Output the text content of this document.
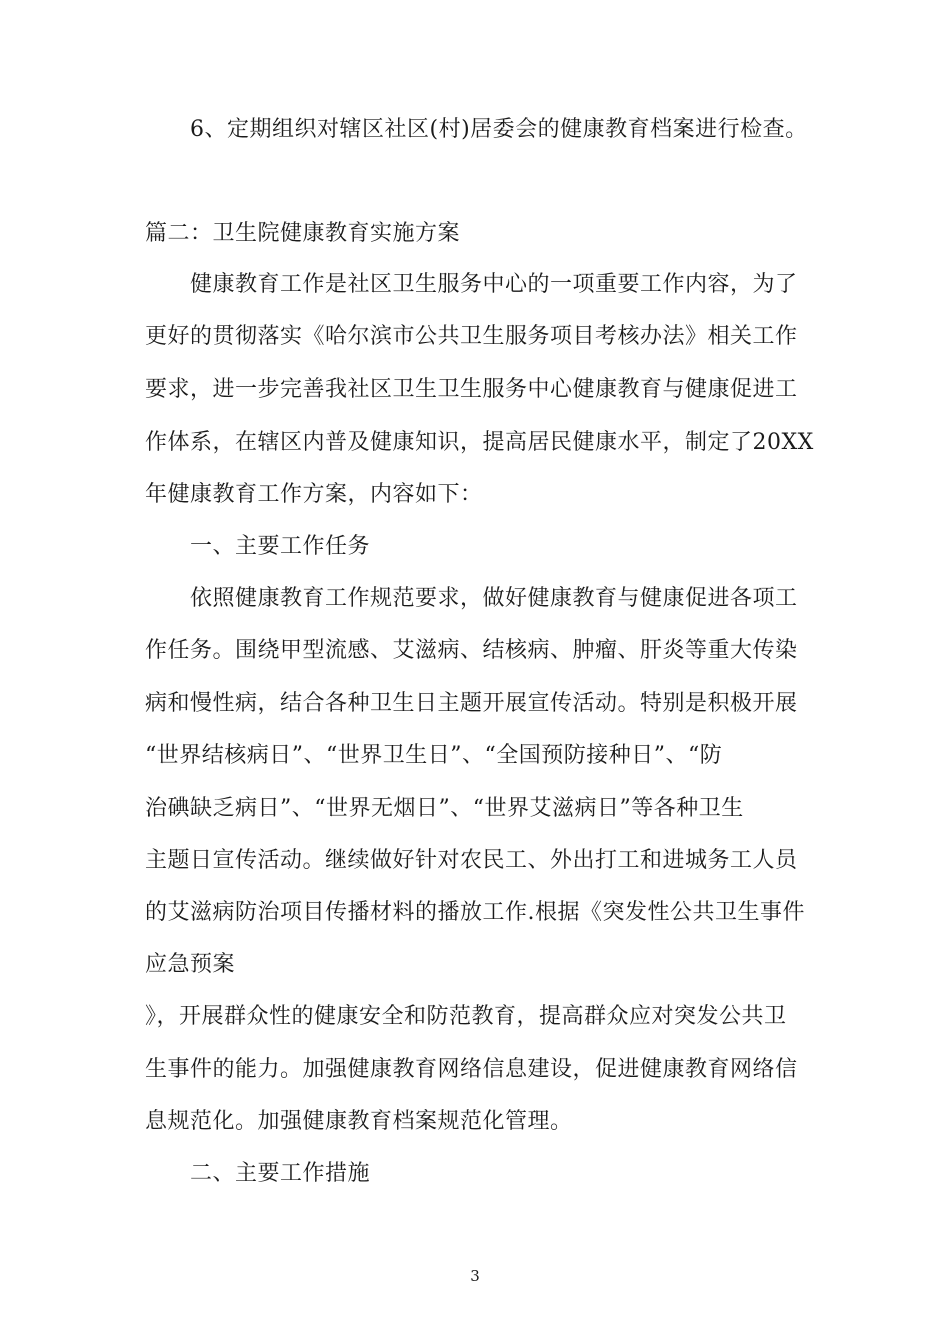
6、定期组织对辖区社区(村)居委会的健康教育档案进行检查。
篇二：卫生院健康教育实施方案
健康教育工作是社区卫生服务中心的一项重要工作内容，为了
更好的贯彻落实《哈尔滨市公共卫生服务项目考核办法》相关工作
要求，进一步完善我社区卫生卫生服务中心健康教育与健康促进工
作体系，在辖区内普及健康知识，提高居民健康水平，制定了20XX
年健康教育工作方案，内容如下：
一、主要工作任务
依照健康教育工作规范要求，做好健康教育与健康促进各项工
作任务。围绕甲型流感、艾滋病、结核病、肿瘤、肝炎等重大传染
病和慢性病，结合各种卫生日主题开展宣传活动。特别是积极开展
“世界结核病日”、“世界卫生日”、“全国预防接种日”、“防
治碘缺乏病日”、“世界无烟日”、“世界艾滋病日”等各种卫生
主题日宣传活动。继续做好针对农民工、外出打工和进城务工人员
的艾滋病防治项目传播材料的播放工作.根据《突发性公共卫生事件
应急预案
》，开展群众性的健康安全和防范教育，提高群众应对突发公共卫
生事件的能力。加强健康教育网络信息建设，促进健康教育网络信
息规范化。加强健康教育档案规范化管理。
二、主要工作措施
3
